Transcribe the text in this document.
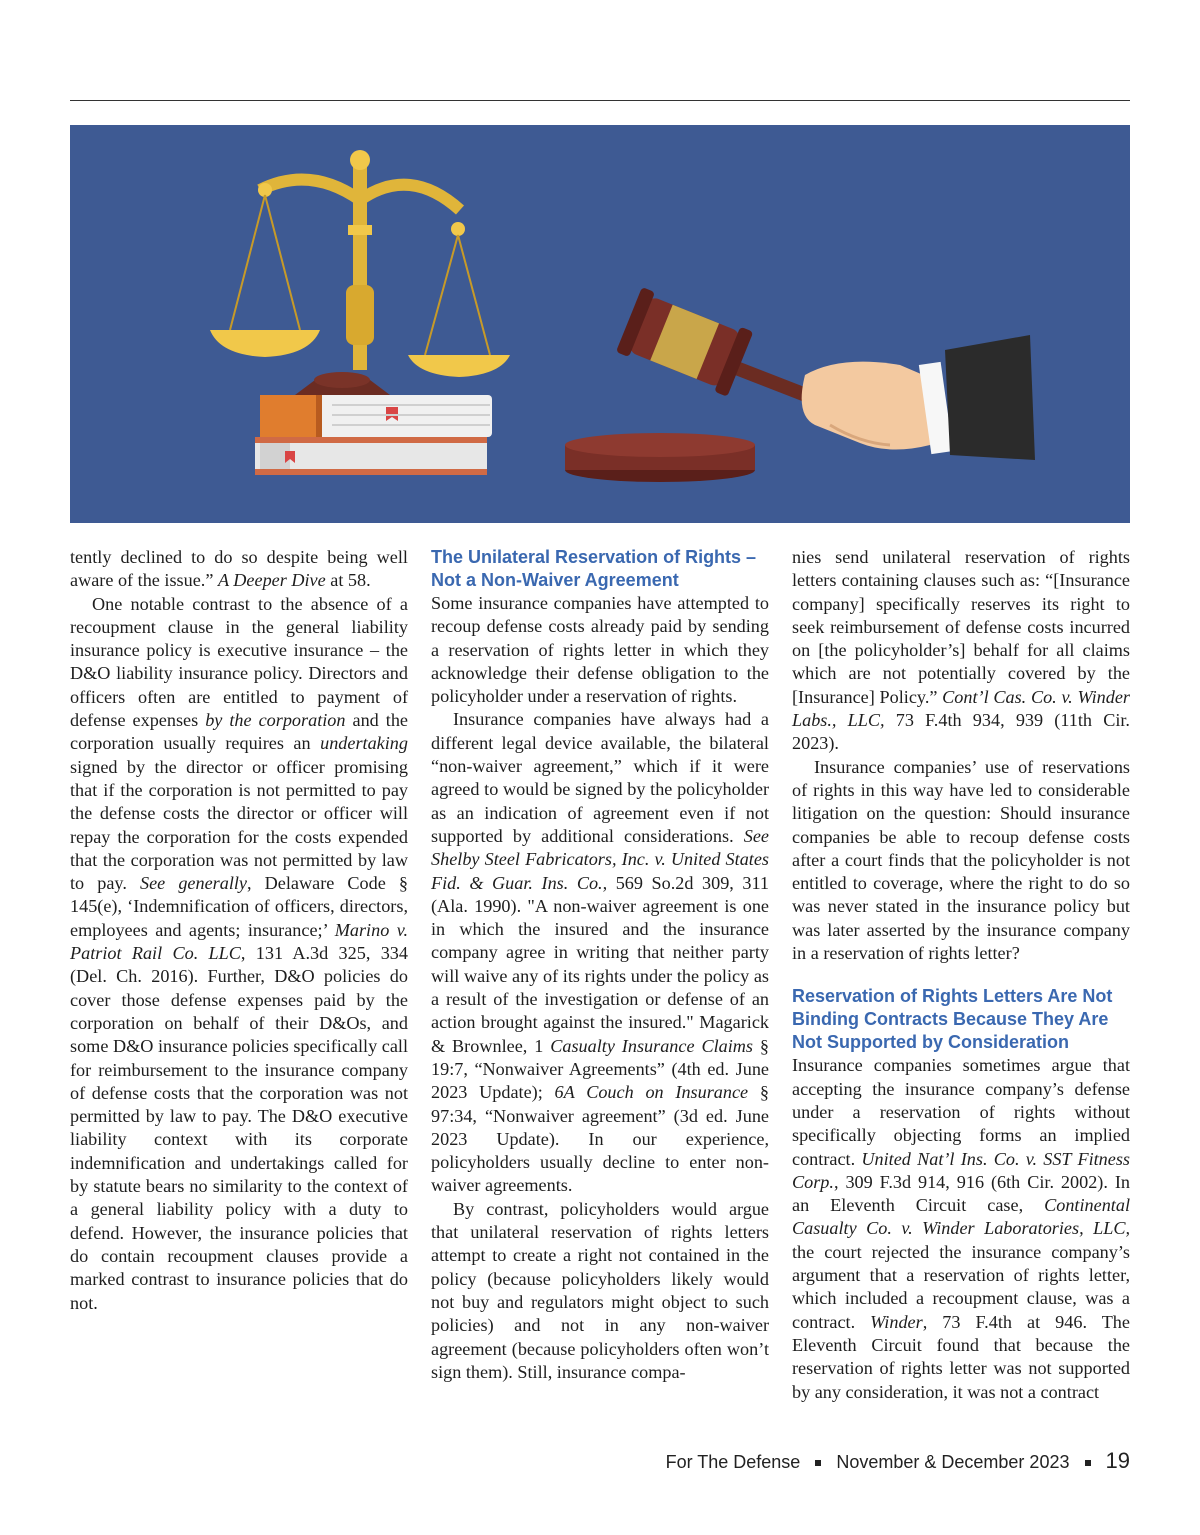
tently declined to do so despite being well aware of the issue.” A Deeper Dive at 58.

One notable contrast to the absence of a recoupment clause in the general liability insurance policy is executive insurance – the D&O liability insurance policy. Directors and officers often are entitled to payment of defense expenses by the corporation and the corporation usually requires an undertaking signed by the director or officer promising that if the corporation is not permitted to pay the defense costs the director or officer will repay the corporation for the costs expended that the corporation was not permitted by law to pay. See generally, Delaware Code § 145(e), ‘Indemnification of officers, directors, employees and agents; insurance;’ Marino v. Patriot Rail Co. LLC, 131 A.3d 325, 334 (Del. Ch. 2016). Further, D&O policies do cover those defense expenses paid by the corporation on behalf of their D&Os, and some D&O insurance policies specifically call for reimbursement to the insurance company of defense costs that the corporation was not permitted by law to pay. The D&O executive liability context with its corporate indemnification and undertakings called for by statute bears no similarity to the context of a general liability policy with a duty to defend. However, the insurance policies that do contain recoupment clauses provide a marked contrast to insurance policies that do not.

The Unilateral Reservation of Rights – Not a Non-Waiver Agreement

Some insurance companies have attempted to recoup defense costs already paid by sending a reservation of rights letter in which they acknowledge their defense obligation to the policyholder under a reservation of rights.

Insurance companies have always had a different legal device available, the bilateral “non-waiver agreement,” which if it were agreed to would be signed by the policyholder as an indication of agreement even if not supported by additional considerations. See Shelby Steel Fabricators, Inc. v. United States Fid. & Guar. Ins. Co., 569 So.2d 309, 311 (Ala. 1990). "A non-waiver agreement is one in which the insured and the insurance company agree in writing that neither party will waive any of its rights under the policy as a result of the investigation or defense of an action brought against the insured." Magarick & Brownlee, 1 Casualty Insurance Claims § 19:7, “Nonwaiver Agreements” (4th ed. June 2023 Update); 6A Couch on Insurance § 97:34, “Nonwaiver agreement” (3d ed. June 2023 Update). In our experience, policyholders usually decline to enter non-waiver agreements.

By contrast, policyholders would argue that unilateral reservation of rights letters attempt to create a right not contained in the policy (because policyholders likely would not buy and regulators might object to such policies) and not in any non-waiver agreement (because policyholders often won’t sign them). Still, insurance compa-

nies send unilateral reservation of rights letters containing clauses such as: “[Insurance company] specifically reserves its right to seek reimbursement of defense costs incurred on [the policyholder’s] behalf for all claims which are not potentially covered by the [Insurance] Policy.” Cont’l Cas. Co. v. Winder Labs., LLC, 73 F.4th 934, 939 (11th Cir. 2023).

Insurance companies’ use of reservations of rights in this way have led to considerable litigation on the question: Should insurance companies be able to recoup defense costs after a court finds that the policyholder is not entitled to coverage, where the right to do so was never stated in the insurance policy but was later asserted by the insurance company in a reservation of rights letter?

Reservation of Rights Letters Are Not Binding Contracts Because They Are Not Supported by Consideration

Insurance companies sometimes argue that accepting the insurance company’s defense under a reservation of rights without specifically objecting forms an implied contract. United Nat’l Ins. Co. v. SST Fitness Corp., 309 F.3d 914, 916 (6th Cir. 2002). In an Eleventh Circuit case, Continental Casualty Co. v. Winder Laboratories, LLC, the court rejected the insurance company’s argument that a reservation of rights letter, which included a recoupment clause, was a contract. Winder, 73 F.4th at 946. The Eleventh Circuit found that because the reservation of rights letter was not supported by any consideration, it was not a contract

For The Defense November & December 2023 19
